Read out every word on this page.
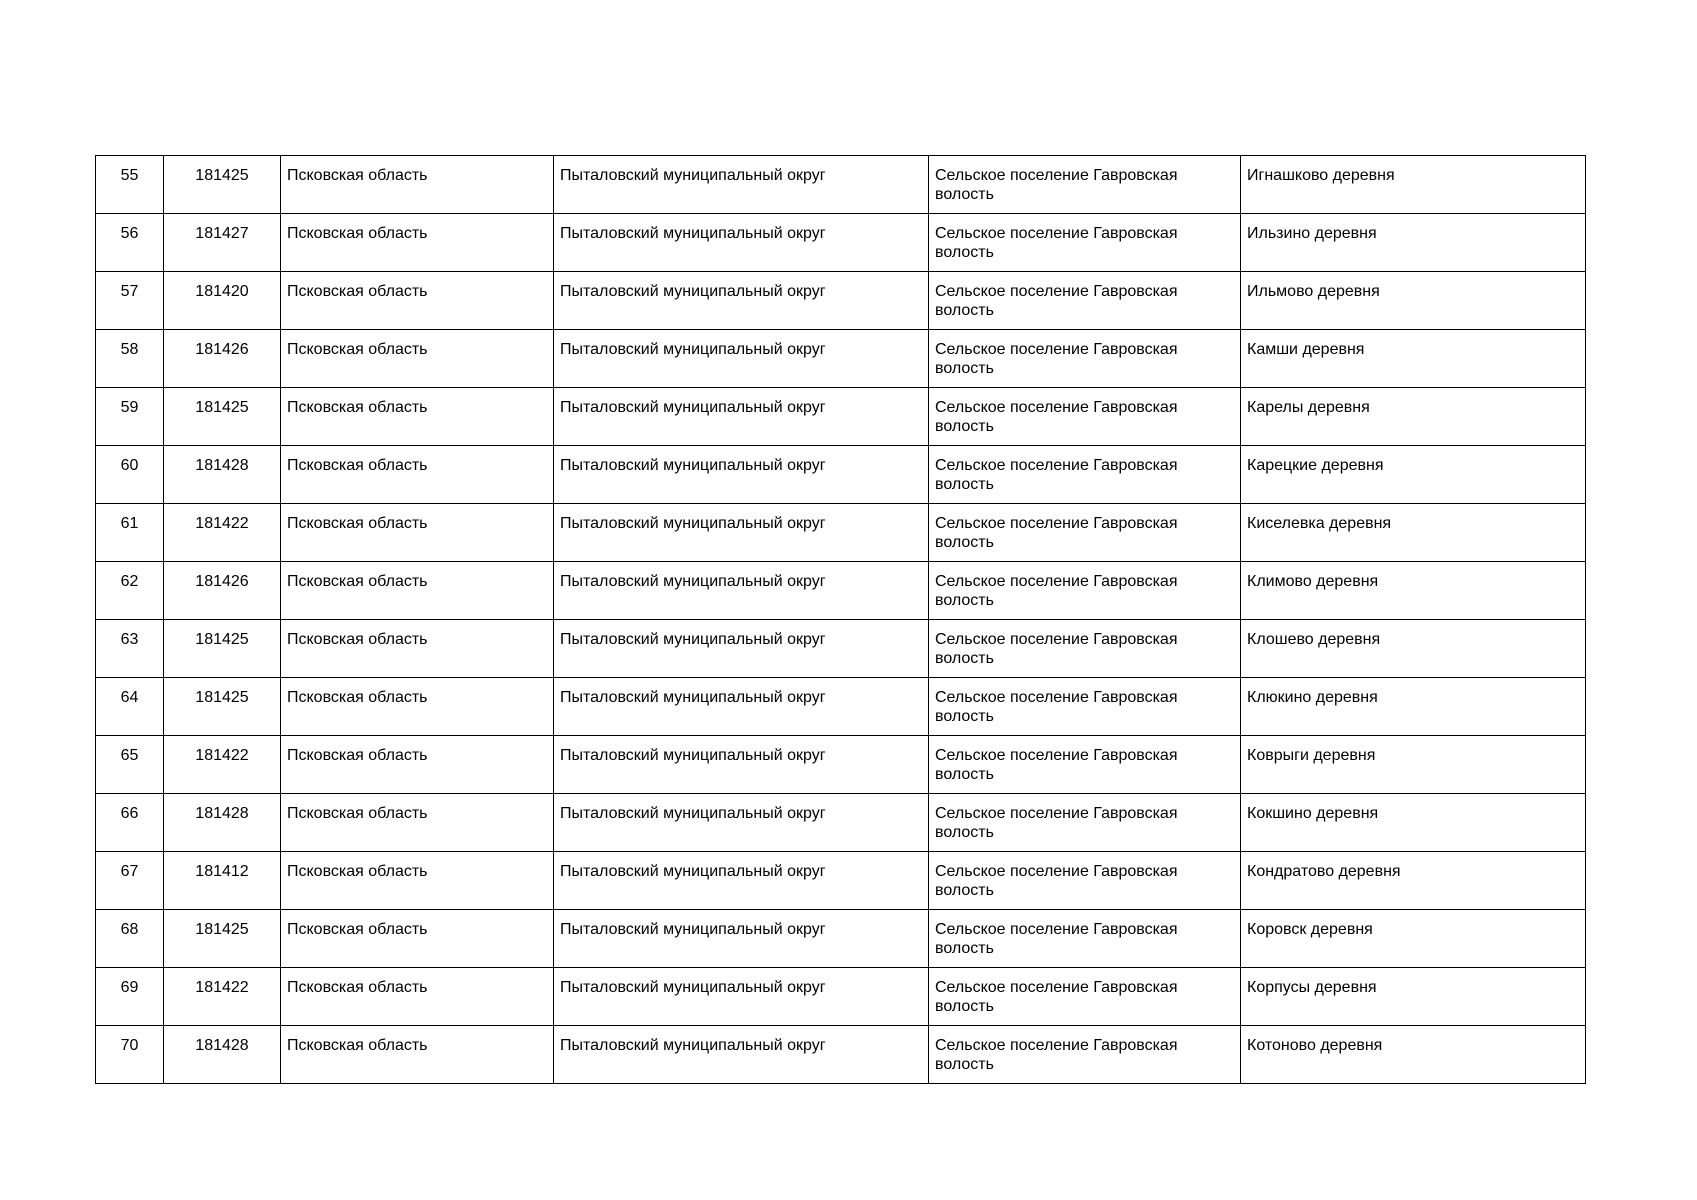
55	181425	Псковская область	Пыталовский муниципальный округ	Сельское поселение Гавровская волость	Игнашково деревня
56	181427	Псковская область	Пыталовский муниципальный округ	Сельское поселение Гавровская волость	Ильзино деревня
57	181420	Псковская область	Пыталовский муниципальный округ	Сельское поселение Гавровская волость	Ильмово деревня
58	181426	Псковская область	Пыталовский муниципальный округ	Сельское поселение Гавровская волость	Камши деревня
59	181425	Псковская область	Пыталовский муниципальный округ	Сельское поселение Гавровская волость	Карелы деревня
60	181428	Псковская область	Пыталовский муниципальный округ	Сельское поселение Гавровская волость	Карецкие деревня
61	181422	Псковская область	Пыталовский муниципальный округ	Сельское поселение Гавровская волость	Киселевка деревня
62	181426	Псковская область	Пыталовский муниципальный округ	Сельское поселение Гавровская волость	Климово деревня
63	181425	Псковская область	Пыталовский муниципальный округ	Сельское поселение Гавровская волость	Клошево деревня
64	181425	Псковская область	Пыталовский муниципальный округ	Сельское поселение Гавровская волость	Клюкино деревня
65	181422	Псковская область	Пыталовский муниципальный округ	Сельское поселение Гавровская волость	Коврыги деревня
66	181428	Псковская область	Пыталовский муниципальный округ	Сельское поселение Гавровская волость	Кокшино деревня
67	181412	Псковская область	Пыталовский муниципальный округ	Сельское поселение Гавровская волость	Кондратово деревня
68	181425	Псковская область	Пыталовский муниципальный округ	Сельское поселение Гавровская волость	Коровск деревня
69	181422	Псковская область	Пыталовский муниципальный округ	Сельское поселение Гавровская волость	Корпусы деревня
70	181428	Псковская область	Пыталовский муниципальный округ	Сельское поселение Гавровская волость	Котоново деревня
